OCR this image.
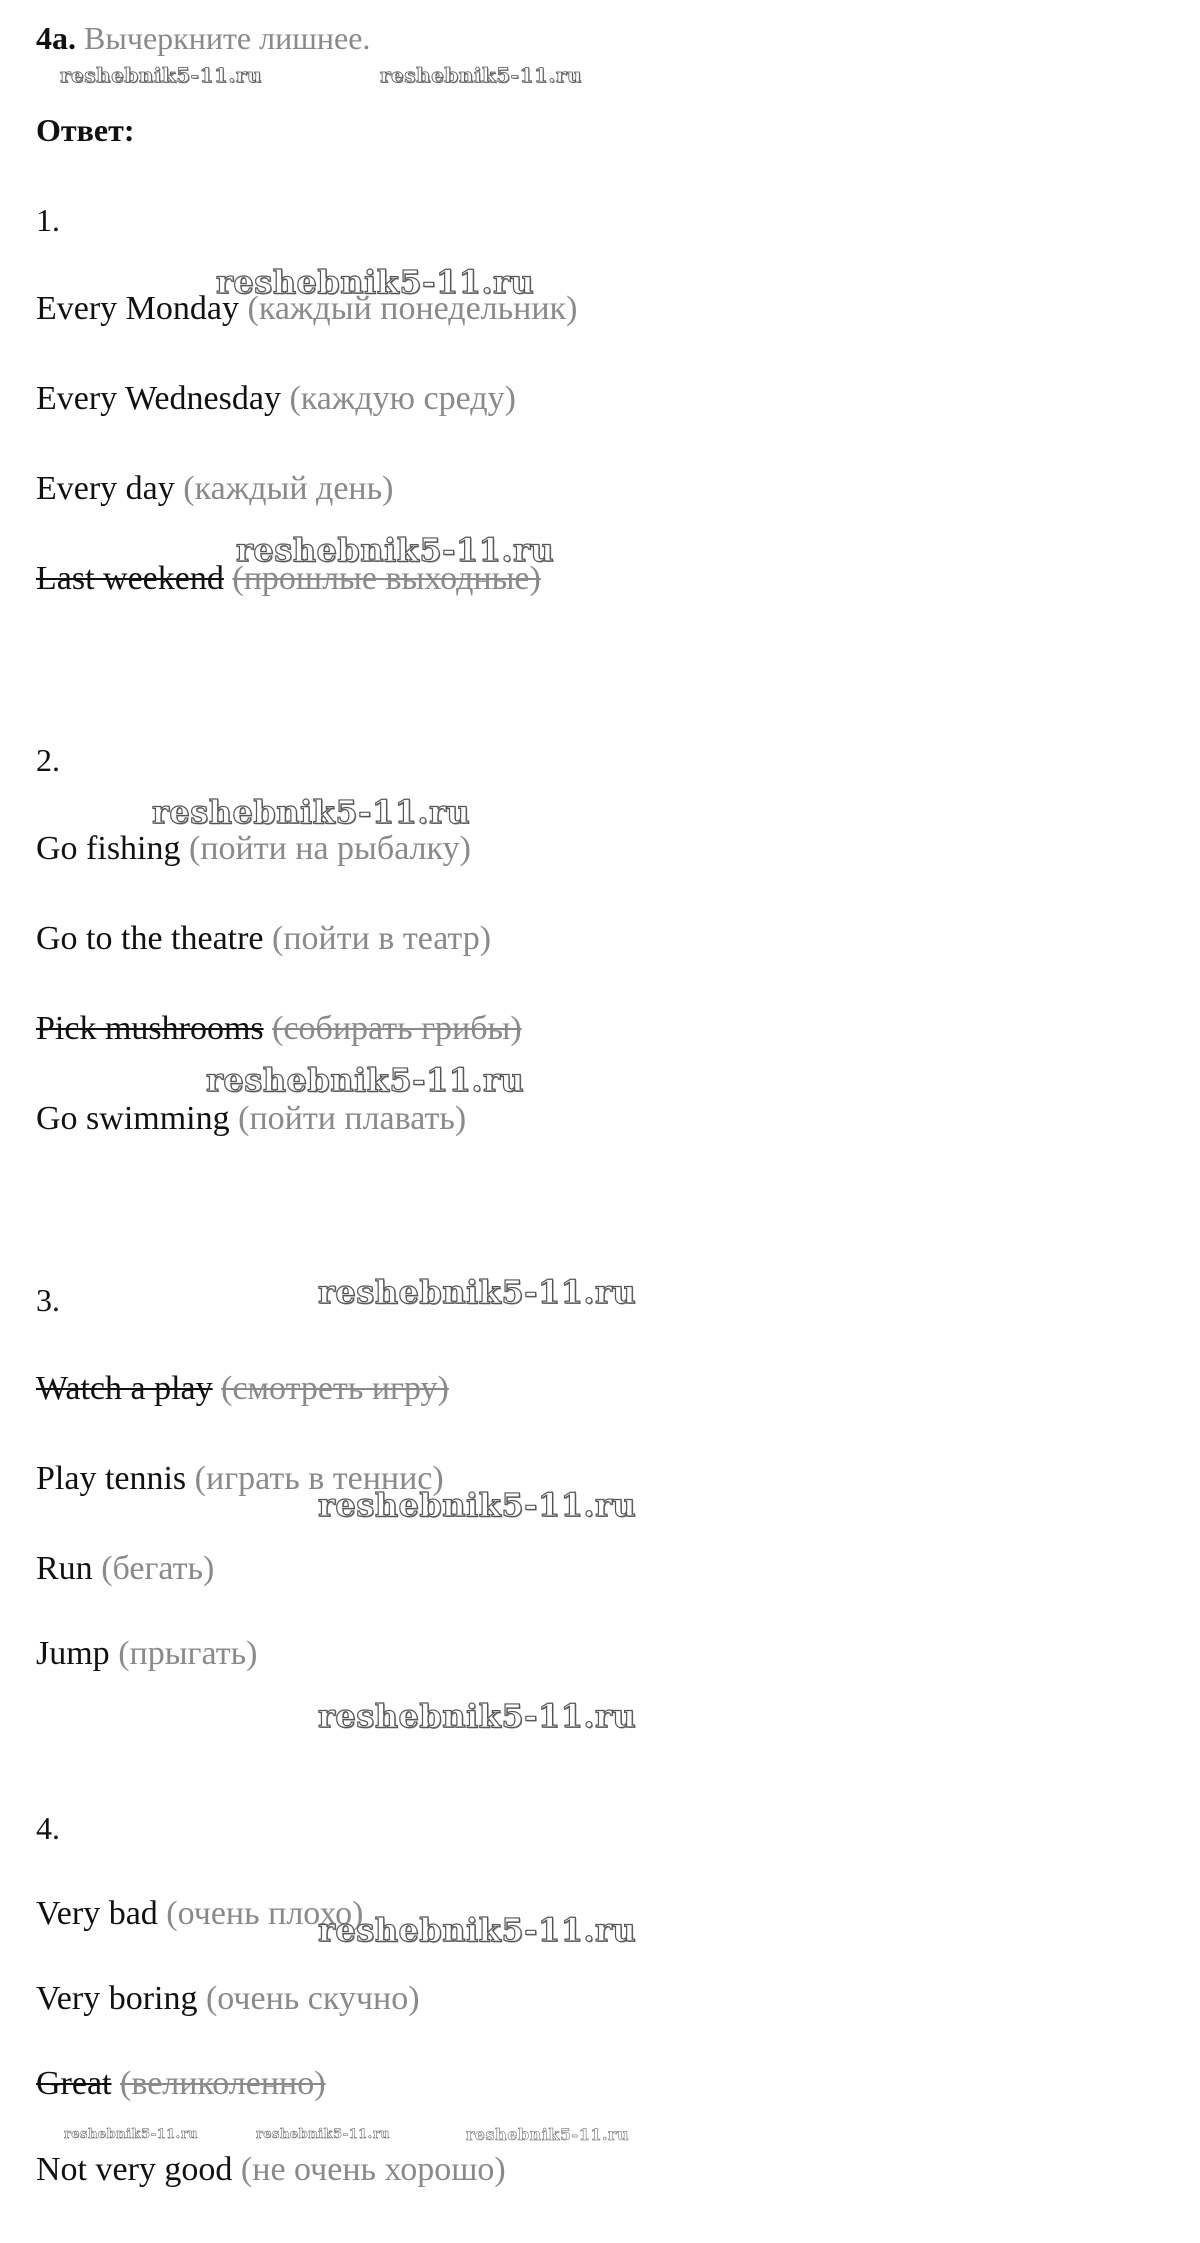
4a. Вычеркните лишнее.
Ответ:
1.
Every Monday (каждый понедельник)
Every Wednesday (каждую среду)
Every day (каждый день)
Last weekend (прошлые выходные)
2.
Go fishing (пойти на рыбалку)
Go to the theatre (пойти в театр)
Pick mushrooms (собирать грибы)
Go swimming (пойти плавать)
3.
Watch a play (смотреть игру)
Play tennis (играть в теннис)
Run (бегать)
Jump (прыгать)
4.
Very bad (очень плохо)
Very boring (очень скучно)
Great (великоленно)
Not very good (не очень хорошо)
reshebnik5-11.ru	reshebnik5-11.ru
reshebnik5-11.ru
reshebnik5-11.ru
reshebnik5-11.ru
reshebnik5-11.ru
reshebnik5-11.ru
reshebnik5-11.ru
reshebnik5-11.ru
reshebnik5-11.ru
reshebnik5-11.ru	reshebnik5-11.ru	reshebnik5-11.ru
